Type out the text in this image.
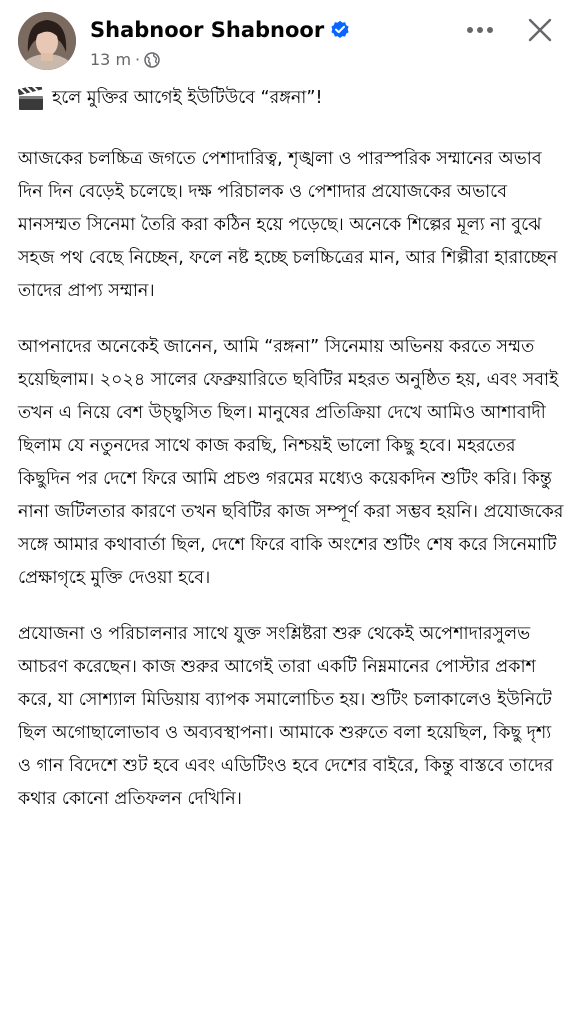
Shabnoor Shabnoor
13 m ·

হলে মুক্তির আগেই ইউটিউবে “রঙ্গনা”!

আজকের চলচ্চিত্র জগতে পেশাদারিত্ব, শৃঙ্খলা ও পারস্পরিক সম্মানের অভাব দিন দিন বেড়েই চলেছে। দক্ষ পরিচালক ও পেশাদার প্রযোজকের অভাবে মানসম্মত সিনেমা তৈরি করা কঠিন হয়ে পড়েছে। অনেকে শিল্পের মূল্য না বুঝে সহজ পথ বেছে নিচ্ছেন, ফলে নষ্ট হচ্ছে চলচ্চিত্রের মান, আর শিল্পীরা হারাচ্ছেন তাদের প্রাপ্য সম্মান।

আপনাদের অনেকেই জানেন, আমি “রঙ্গনা” সিনেমায় অভিনয় করতে সম্মত হয়েছিলাম। ২০২৪ সালের ফেব্রুয়ারিতে ছবিটির মহরত অনুষ্ঠিত হয়, এবং সবাই তখন এ নিয়ে বেশ উচ্ছ্বসিত ছিল। মানুষের প্রতিক্রিয়া দেখে আমিও আশাবাদী ছিলাম যে নতুনদের সাথে কাজ করছি, নিশ্চয়ই ভালো কিছু হবে। মহরতের কিছুদিন পর দেশে ফিরে আমি প্রচণ্ড গরমের মধ্যেও কয়েকদিন শুটিং করি। কিন্তু নানা জটিলতার কারণে তখন ছবিটির কাজ সম্পূর্ণ করা সম্ভব হয়নি। প্রযোজকের সঙ্গে আমার কথাবার্তা ছিল, দেশে ফিরে বাকি অংশের শুটিং শেষ করে সিনেমাটি প্রেক্ষাগৃহে মুক্তি দেওয়া হবে।

প্রযোজনা ও পরিচালনার সাথে যুক্ত সংশ্লিষ্টরা শুরু থেকেই অপেশাদারসুলভ আচরণ করেছেন। কাজ শুরুর আগেই তারা একটি নিম্নমানের পোস্টার প্রকাশ করে, যা সোশ্যাল মিডিয়ায় ব্যাপক সমালোচিত হয়। শুটিং চলাকালেও ইউনিটে ছিল অগোছালোভাব ও অব্যবস্থাপনা। আমাকে শুরুতে বলা হয়েছিল, কিছু দৃশ্য ও গান বিদেশে শুট হবে এবং এডিটিংও হবে দেশের বাইরে, কিন্তু বাস্তবে তাদের কথার কোনো প্রতিফলন দেখিনি।
